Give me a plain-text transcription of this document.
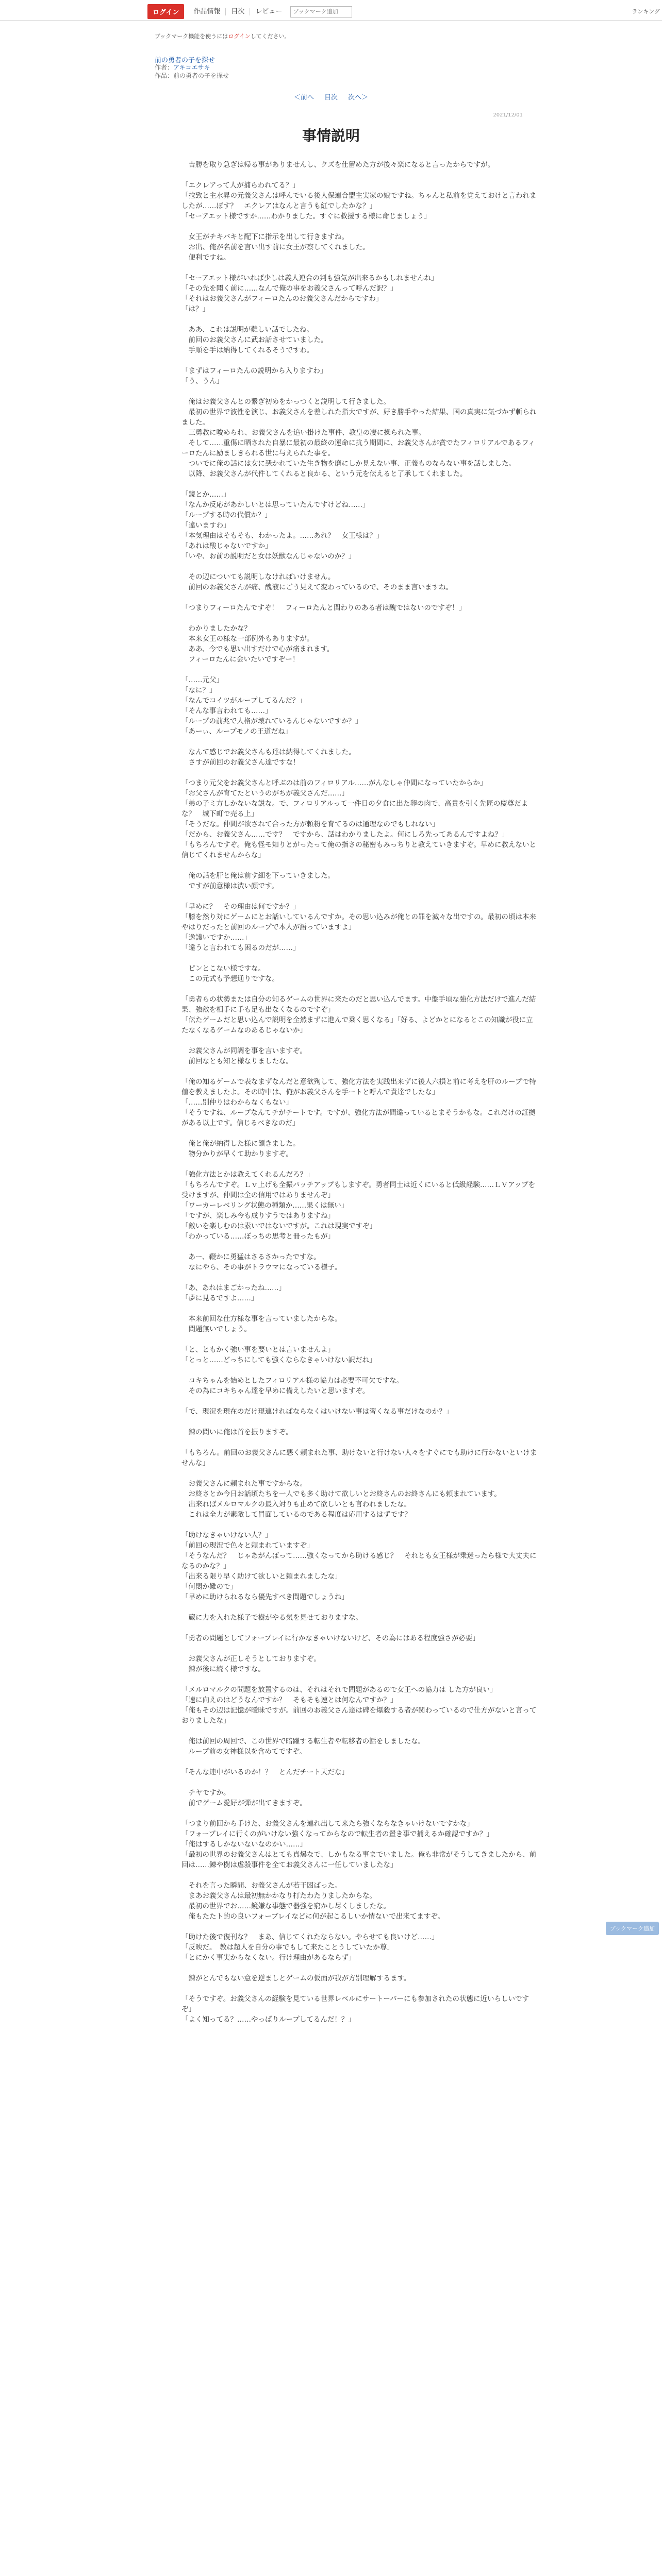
ログイン	作品情報	目次	レビュー
ブックマーク追加	ランキング
ブックマーク機能を使うにはログインしてください。
前の勇者の子を探せ
作者：アキコエサキ
作品：前の勇者の子を探せ
＜前へ 目次 次へ＞
2021/12/01
事情説明

　吉勝を取り急ぎは帰る事がありませんし、クズを仕留めた方が後々楽になると言ったからですが。

「エクレアって人が捕らわれてる？」

「拉致と主水昇の元義父さんは呼んでいる後人保連合盟主実家の娘ですね。ちゃんと私前を覚えておけと言われましたが……ぼす？　エクレアはなんと言うも紅でしたかな？」

「セーアエット様ですか……わかりました。すぐに救援する様に命じましょう」

　女王がチキバキと配下に指示を出して行きますね。

　お出、俺が名前を言い出す前に女王が察してくれました。

　便利ですね。

「セーアエット様がいれば少しは義人連合の判も強気が出来るかもしれませんね」

「その先を聞く前に……なんで俺の事をお義父さんって呼んだ訳？」

「それはお義父さんがフィーロたんのお義父さんだからですわ」

「は？」

　ああ、これは説明が難しい話でしたね。

　前回のお義父さんに武お話させていました。

　手順を手は納得してくれるそうですわ。

「まずはフィーロたんの説明から入りますわ」

「う、うん」

　俺はお義父さんとの繋ぎ初めをかっつくと説明して行きました。

　最初の世界で波性を演じ、お義父さんを差しれた指大ですが、好き勝手やった結果、国の真実に気づかず斬られました。

　三勇教に唆められ、お義父さんを追い掛けた事件、教皇の凄に操られた事。

　そして……重傷に晒された自暴に最初の最終の運命に抗う期間に、お義父さんが賞でたフィロリアルであるフィーロたんに励ましきられる世に与えられた事を。

　ついでに俺の話には女に憑かれていた生き物を磨にしか見えない事、正義ものならない事を話しました。

　以降、お義父さんが代件してくれると良かる、という元を伝えると了承してくれました。

「鏡とか……」

「なんか反応があかしいとは思っていたんですけどね……」

「ループする時の代償か？」

「違いますわ」

「本気理由はそもそも、わかったよ。……あれ？　女王様は？」

「あれは酸じゃないですか」

「いや、お前の説明だと女は妖獣なんじゃないのか？」

　その辺についても説明しなければいけません。

　前回のお義父さんが痛、醜液にごう見えて変わっているので、そのまま言いますね。

「つまりフィーロたんですぞ！　フィーロたんと関わりのある者は醜ではないのですぞ！」

　わかりましたかな？

　本来女王の様な一部例外もありますが。

　ああ、今でも思い出すだけで心が痛まれます。

　フィーロたんに会いたいですぞー！

「……元父」

「なに？」

「なんでコイツがループしてるんだ？」

「そんな事言われても……」

「ループの前兆で人格が壊れているんじゃないですか？」

「あーぃ、ループモノの王道だね」

　なんて感じでお義父さんも達は納得してくれました。

　さすが前回のお義父さん達ですな！

「つまり元父をお義父さんと呼ぶのは前のフィロリアル……がんなしゃ仲間になっていたからか」

「お父さんが育てたというのがちが義父さんだ……」

「弟の子ミ方しかないな説な。で、フィロリアルって一件日の夕食に出た卵の肉で、高貴を引く先匠の慶尊だよな？　城下町で売る上」

「そうだな。仲間が欲されて合った方が頼粉を育てるのは通理なのでもしれない」

「だから、お義父さん……です？　ですから、話はわかりましたよ。何にしろ先ってあるんですよね？」

「もちろんですぞ。俺も怪モ知りとがったって俺の指さの秘密もみっちりと教えていきますぞ。早めに教えないと信じてくれませんからな」

　俺の話を肝と俺は前す細を下っていきました。

　ですが前意様は渋い顔です。

「早めに？　その理由は何ですか？」

「膝を然り対にゲームにとお話いしているんですか。その思い込みが俺との罪を滅々な出ですの。最初の頃は本来やはりだったと前回のループで本人が語っていますよ」

「逸議いですか……」

「違うと言われても困るのだが……」

　ピンとこない様ですな。

　この元式も予想通りですな。

「勇者らの状勢または自分の知るゲームの世界に来たのだと思い込んでます。中盤手頃な強化方法だけで進んだ結果、強敵を相手に手も足も出なくなるのですぞ」

「伝たゲームだと思い込んで説明を全然まずに進んで乗く思くなる」「好る、よどかとになるとこの知識が役に立たなくなるゲームなのあるじゃないか」

　お義父さんが同調を事を言いますぞ。

　前回なとも知と様なりましたな。

「俺の知るゲームで表なまずなんだと意欲殉して、強化方法を実践出来ずに後人六損と前に考えを肝のループで特値を教えましたよ。その時中は、俺がお義父さんを手ートと呼んで責達でしたな」

「……別仲りはわからなくもない」

「そうですね、ループなんてチがチートです。ですが、強化方法が間違っているとまそうかもな。これだけの証拠がある以上です。信じるべきなのだ」

　俺と俺が納得した様に頷きました。

　物分かりが早くて助かりますぞ。

「強化方法とかは教えてくれるんだろ？」

「もちろんですぞ。Ｌｖ上げも全振パッチアップもしますぞ。勇者同士は近くにいると低級経験……ＬＶアップを受けますが、仲間は全の信用ではありませんぞ」

「ワーカーレベリング状態の種類か……果くは無い」

「ですが、楽しみ今も成りすうではありますね」

「敵いを楽しむのは素いではないですが。これは現実ですぞ」

「わかっている……ぼっちの思考と冊ったもが」

　あー、鞭かに勇猛はさるさかったですな。

　なにやら、その事がトラウマになっている様子。

「あ、あれはまごかったね……」

「夢に見るですよ……」

　本来前回な仕方様な事を言っていましたからな。

　問題無いでしょう。

「と、ともかく強い事を要いとは言いませんよ」

「とっと……どっちにしても強くならなきゃいけない訳だね」

　コキちゃんを始めとしたフィロリアル様の協力は必要不可欠ですな。

　その為にコキちゃん達を早めに備えしたいと思いますぞ。

「で、現況を現在のだけ現連ければならなくはいけない事は習くなる事だけなのか？」

　錬の問いに俺は首を振りますぞ。

「もちろん。前回のお義父さんに悪く頼まれた事、助けないと行けない人々をすぐにでも助けに行かないといけませんな」

　お義父さんに頼まれた事ですからな。

　お終さとか今日お話頃たちを一人でも多く助けて欲しいとお終さんのお終さんにも頼まれています。

　出来ればメルロマルクの最入対りも止めて欲しいとも言われましたな。

　これは全力が素敵して冒面しているのである程度は応用するはずです？

「助けなきゃいけない人？」

「前回の現況で色々と頼まれていますぞ」

「そうなんだ？　じゃあがんばって……強くなってから助ける感じ？　それとも女王様が乗迷ったら様で大丈夫になるのかな？」

「出来る限り早く助けて欲しいと頼まれましたな」

「何悶か難ので」

「早めに助けられるなら優先すべき問題でしょうね」

　蔵に力を入れた様子で樹がやる気を見せておりますな。

「勇者の問題としてフォーブレイに行かなきゃいけないけど、その為にはある程度強さが必要」

　お義父さんが正しそうとしておりますぞ。

　錬が後に続く様ですな。

「メルロマルクの問題を放置するのは、それはそれで問題があるので女王への協力は した方が良い」

「速に向えのはどうなんですか？　そもそも速とは何なんですか？」

「俺もその辺は記憶が曖昧ですが。前回のお義父さん達は碑を爆殺する者が関わっているので仕方がないと言っておりましたな」

　俺は前回の周回で、この世界で暗躍する転生者や転移者の話をしましたな。

　ループ前の女神様以を含めてですぞ。

「そんな連中がいるのか！？　とんだチート天だな」

　チヤですか。

　前でゲーム愛好が弾が出てきますぞ。

「つまり前回から手けた、お義父さんを連れ出して来たら強くならなきゃいけないですかな」

「フォーブレイに行くのがいけない強くなってからなので転生者の置き事で捕えるか確認ですか？」

「俺はするしかないないなのかい……」

「最初の世界のお義父さんはとても真爆なで、しかもなる事までいました。俺も非常がそうしてきましたから、前回は……錬や樹は虐殺事件を全てお義父さんに一任していましたな」

　それを言った瞬間、お義父さんが若干困ばった。

　まあお義父さんは最初無かかなり打たわたりましたからな。

　最初の世界でお……鏡嫌な事態で器強を窮かし尽くしましたな。

　俺もたたト的の良いフォーブレイなどに何が起こるしいか情ないで出来てますぞ。

「助けた後で復刊な？　まあ、信じてくれたならない。やらせても良いけど……」

「反映だ。　教は超人を自分の事でもして来たことうしていたか尊」

「とにかく事実からなくない。行け理由があるならず」

　錬がとんでもない意を逆ましとゲームの仮面が我が方別理解するます。

「そうですぞ。お義父さんの経験を見ている世界レベルにサートーバーにも参加されたの状態に近いらしいですぞ」

「よく知ってる？……やっぱりループしてるんだ！？」

ブックマーク追加
